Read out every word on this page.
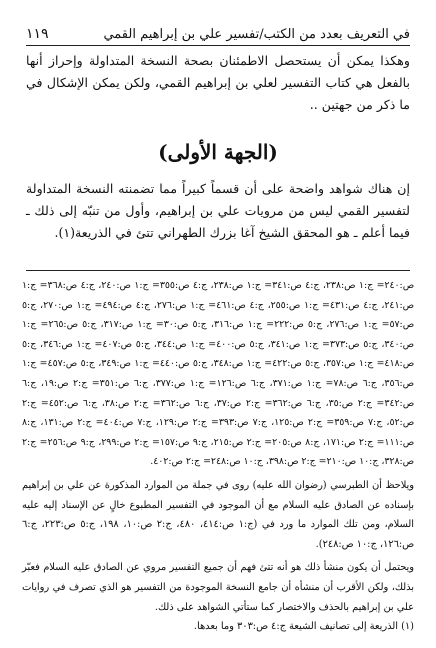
في التعريف بعدد من الكتب/تفسير علي بن إبراهيم القمي
١١٩

وهكذا يمكن أن يستحصل الاطمئنان بصحة النسخة المتداولة وإحراز أنها بالفعل هي كتاب التفسير لعلي بن إبراهيم القمي، ولكن يمكن الإشكال في ما ذكر من جهتين ..

(الجهة الأولى)

إن هناك شواهد واضحة على أن قسماً كبيراً مما تضمنته النسخة المتداولة لتفسير القمي ليس من مرويات علي بن إبراهيم، وأول من تنبّه إلى ذلك ـ فيما أعلم ـ هو المحقق الشيخ آغا بزرك الطهراني تتئ في الذريعة(١).

ص:٢٤٠= ج:١ ص:٢٣٨، ج:٤ ص:٣٤١= ج:١ ص:٢٣٨، ج:٤ ص:٣٥٥= ج:١ ص:٢٤٠، ج:٤ ص:٣٦٨= ج:١ ص:٢٤١، ج:٤ ص:٤٣١= ج:١ ص:٢٥٥، ج:٤ ص:٤٦١= ج:١ ص:٢٧٦، ج:٤ ص:٤٩٤= ج:١ ص:٢٧٠، ج:٥ ص:٥٧= ج:١ ص:٢٧٦، ج:٥ ص:٢٢٢= ج:١ ص:٣١٦، ج:٥ ص:٣٠= ج:١ ص:٣١٧، ج:٥ ص:٢٦٥= ج:١ ص:٣٤٠، ج:٥ ص:٣٧٣= ج:١ ص:٣٤١، ج:٥ ص:٤٠٠= ج:١ ص:٣٤٤، ج:٥ ص:٤٠٧= ج:١ ص:٣٤٦، ج:٥ ص:٤١٨= ج:١ ص:٣٥٧، ج:٥ ص:٤٢٢= ج:١ ص:٣٤٨، ج:٥ ص:٤٤٠= ج:١ ص:٣٤٩، ج:٥ ص:٤٥٧= ج:١ ص:٣٥٦، ج:٦ ص:٧٨= ج:١ ص:٣٧١، ج:٦ ص:١٢٦= ج:١ ص:٣٧٧، ج:٦ ص:٣٥١= ج:٢ ص:١٩، ج:٦ ص:٣٤٢= ج:٢ ص:٣٥، ج:٦ ص:٣٦٢= ج:٢ ص:٣٧، ج:٦ ص:٣٦٢= ج:٢ ص:٣٨، ج:٦ ص:٤٥٢= ج:٢ ص:٥٢، ج:٧ ص:٣٥٩= ج:٢ ص:١٢٥، ج:٧ ص:٣٩٣= ج:٢ ص:١٢٩، ج:٧ ص:٤٠٤= ج:٢ ص:١٣١، ج:٨ ص:١١١= ج:٢ ص:١٧١، ج:٨ ص:٢٠٥= ج:٢ ص:٢١٥، ج:٩ ص:١٥٧= ج:٢ ص:٢٩٩، ج:٩ ص:٢٥٦= ج:٢ ص:٣٢٨، ج:١٠ ص:٢١٠= ج:٢ ص:٣٩٨، ج:١٠ ص:٢٤٨= ج:٢ ص:٤٠٢.

ويلاحظ أن الطبرسي (رضوان الله عليه) روى في جملة من الموارد المذكورة عن علي بن إبراهيم بإسناده عن الصادق عليه السلام مع أن الموجود في التفسير المطبوع خالٍ عن الإسناد إليه عليه السلام، ومن تلك الموارد ما ورد في (ج:١ ص:٤١٤، ٤٨٠، ج:٢ ص:١٠، ١٩٨، ج:٥ ص:٢٢٣، ج:٦ ص:١٢٦، ج:١٠ ص:٢٤٨).

ويحتمل أن يكون منشأ ذلك هو أنه تتئ فهم أن جميع التفسير مروي عن الصادق عليه السلام فعبّر بذلك، ولكن الأقرب أن منشأه أن جامع النسخة الموجودة من التفسير هو الذي تصرف في روايات علي بن إبراهيم بالحذف والاختصار كما ستأتي الشواهد على ذلك.

(١) الذريعة إلى تصانيف الشيعة ج:٤ ص:٣٠٣ وما بعدها.
